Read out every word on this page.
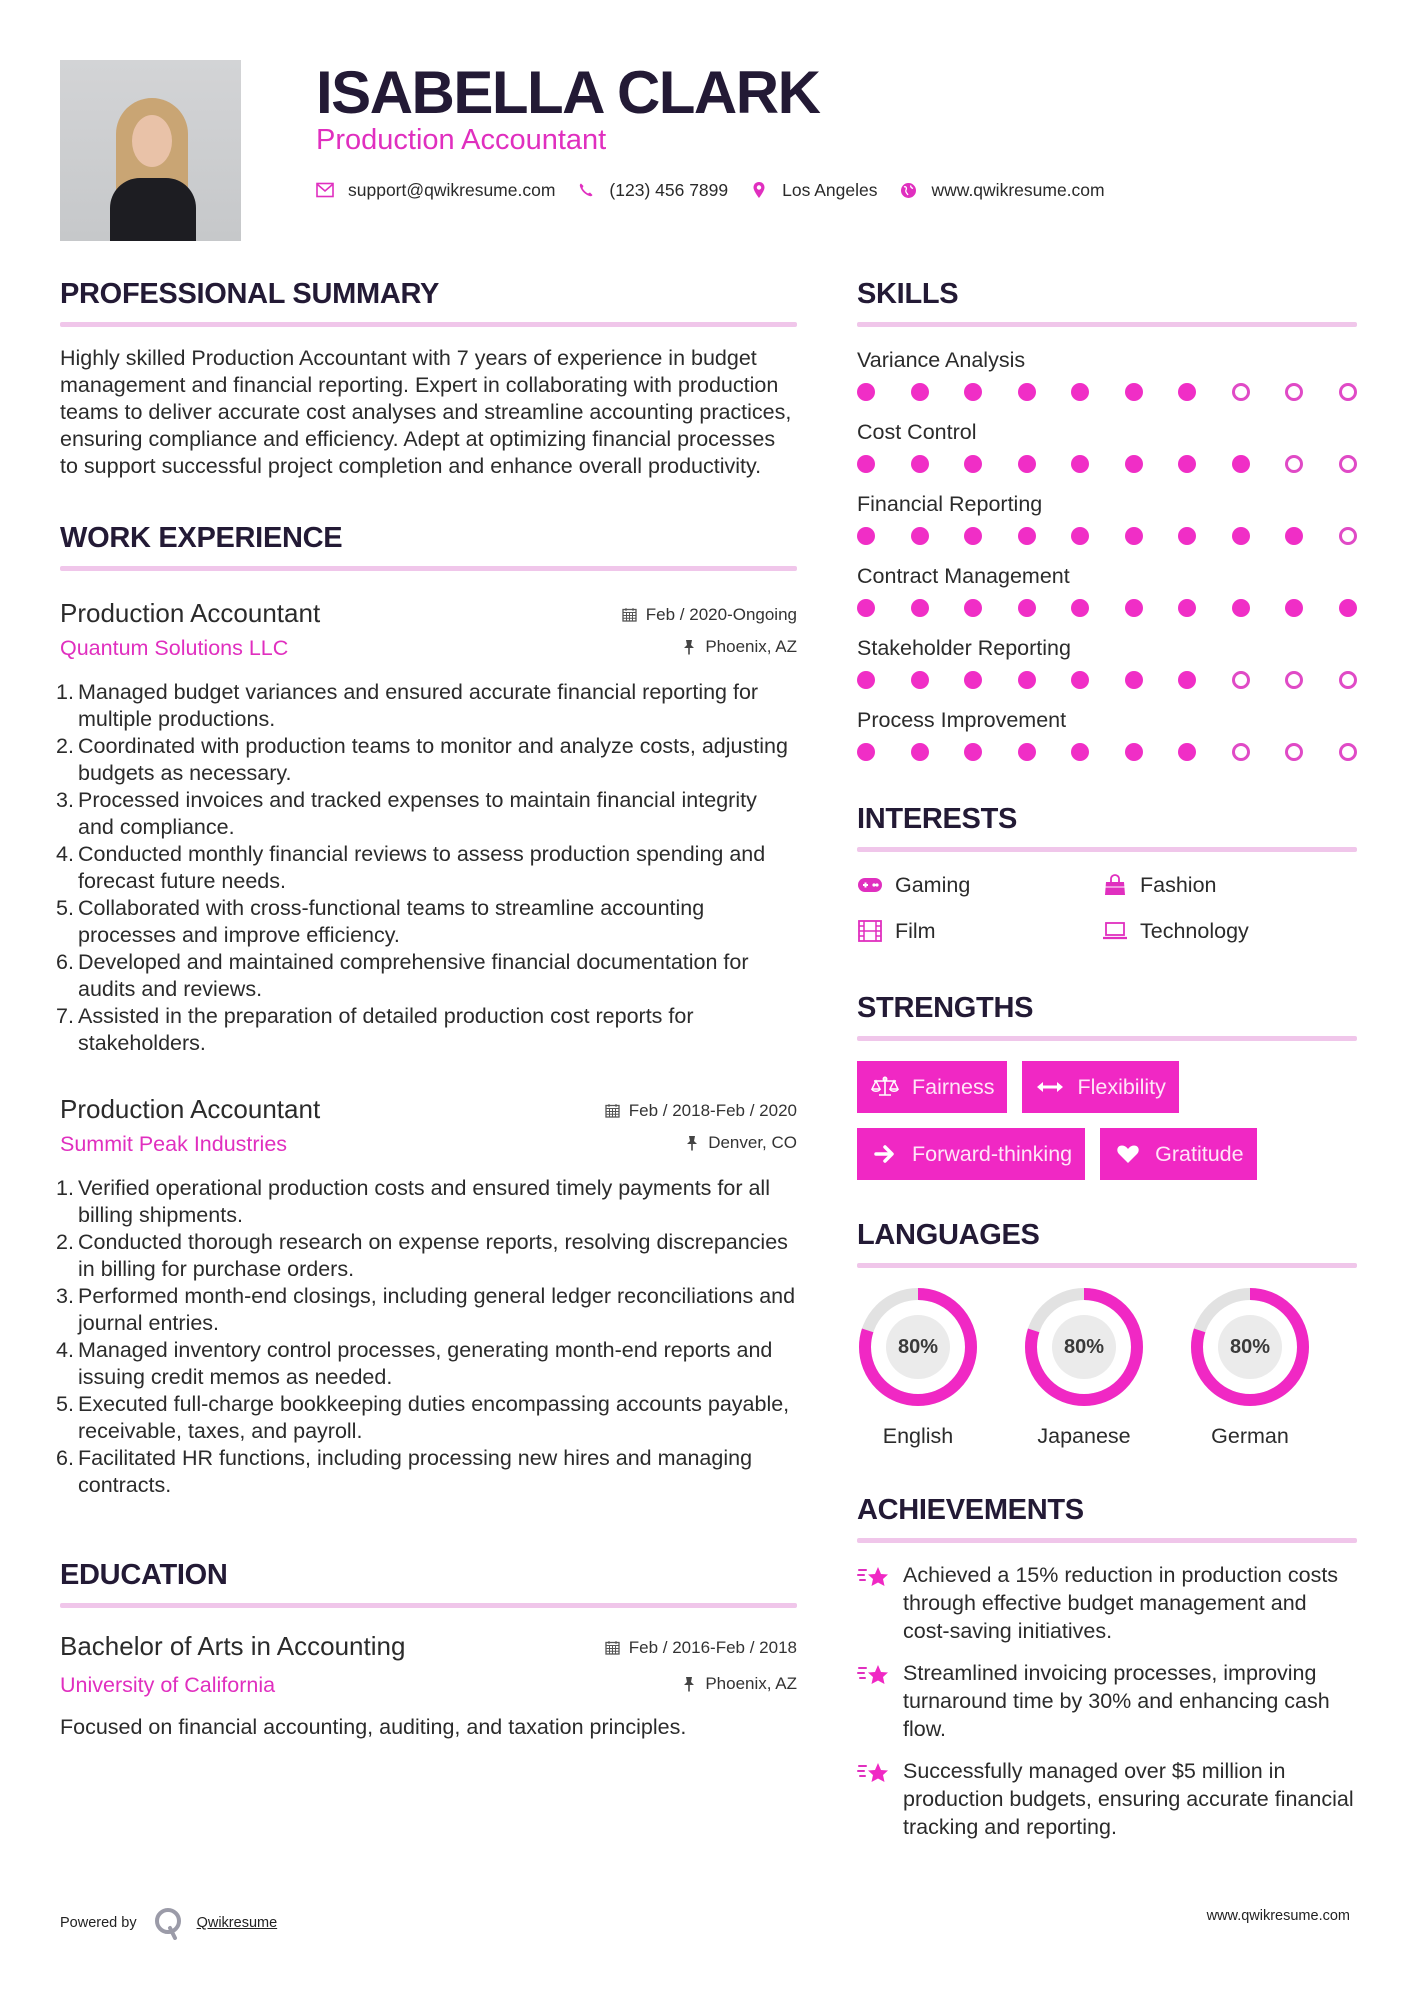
ISABELLA CLARK
Production Accountant
support@qwikresume.com	(123) 456 7899	Los Angeles	www.qwikresume.com
PROFESSIONAL SUMMARY

Highly skilled Production Accountant with 7 years of experience in budget management and financial reporting. Expert in collaborating with production teams to deliver accurate cost analyses and streamline accounting practices, ensuring compliance and efficiency. Adept at optimizing financial processes to support successful project completion and enhance overall productivity.

WORK EXPERIENCE
Production Accountant	Feb / 2020-Ongoing
Quantum Solutions LLC	Phoenix, AZ
1. Managed budget variances and ensured accurate financial reporting for multiple productions.
2. Coordinated with production teams to monitor and analyze costs, adjusting budgets as necessary.
3. Processed invoices and tracked expenses to maintain financial integrity and compliance.
4. Conducted monthly financial reviews to assess production spending and forecast future needs.
5. Collaborated with cross-functional teams to streamline accounting processes and improve efficiency.
6. Developed and maintained comprehensive financial documentation for audits and reviews.
7. Assisted in the preparation of detailed production cost reports for stakeholders.
Production Accountant	Feb / 2018-Feb / 2020
Summit Peak Industries	Denver, CO
1. Verified operational production costs and ensured timely payments for all billing shipments.
2. Conducted thorough research on expense reports, resolving discrepancies in billing for purchase orders.
3. Performed month-end closings, including general ledger reconciliations and journal entries.
4. Managed inventory control processes, generating month-end reports and issuing credit memos as needed.
5. Executed full-charge bookkeeping duties encompassing accounts payable, receivable, taxes, and payroll.
6. Facilitated HR functions, including processing new hires and managing contracts.
EDUCATION
Bachelor of Arts in Accounting	Feb / 2016-Feb / 2018
University of California	Phoenix, AZ

Focused on financial accounting, auditing, and taxation principles.

SKILLS
Variance Analysis
Cost Control
Financial Reporting
Contract Management
Stakeholder Reporting
Process Improvement
INTERESTS
Gaming	Fashion
Film	Technology
STRENGTHS
Fairness	Flexibility
Forward-thinking	Gratitude
LANGUAGES
80%
English
80%
Japanese
80%
German
ACHIEVEMENTS
Achieved a 15% reduction in production costs through effective budget management and cost-saving initiatives.
Streamlined invoicing processes, improving turnaround time by 30% and enhancing cash flow.
Successfully managed over $5 million in production budgets, ensuring accurate financial tracking and reporting.
Powered by	Qwikresume	www.qwikresume.com
